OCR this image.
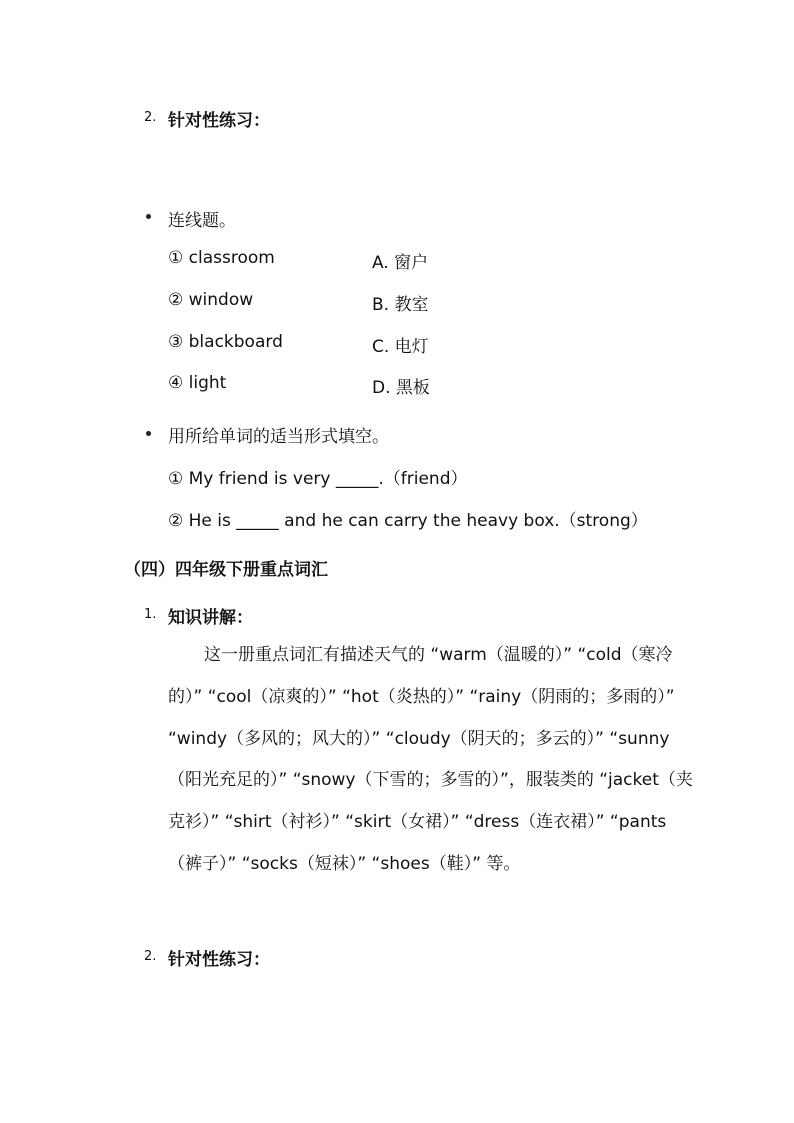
2. 针对性练习：
连线题。
① classroom	A. 窗户
② window	B. 教室
③ blackboard	C. 电灯
④ light	D. 黑板
用所给单词的适当形式填空。
① My friend is very _____.（friend）
② He is _____ and he can carry the heavy box.（strong）
（四）四年级下册重点词汇
1. 知识讲解：
这一册重点词汇有描述天气的 “warm（温暖的）” “cold（寒冷的）” “cool（凉爽的）” “hot（炎热的）” “rainy（阴雨的；多雨的）” “windy（多风的；风大的）” “cloudy（阴天的；多云的）” “sunny（阳光充足的）” “snowy（下雪的；多雪的）”，服装类的 “jacket（夹克衫）” “shirt（衬衫）” “skirt（女裙）” “dress（连衣裙）” “pants（裤子）” “socks（短袜）” “shoes（鞋）” 等。
2. 针对性练习：
